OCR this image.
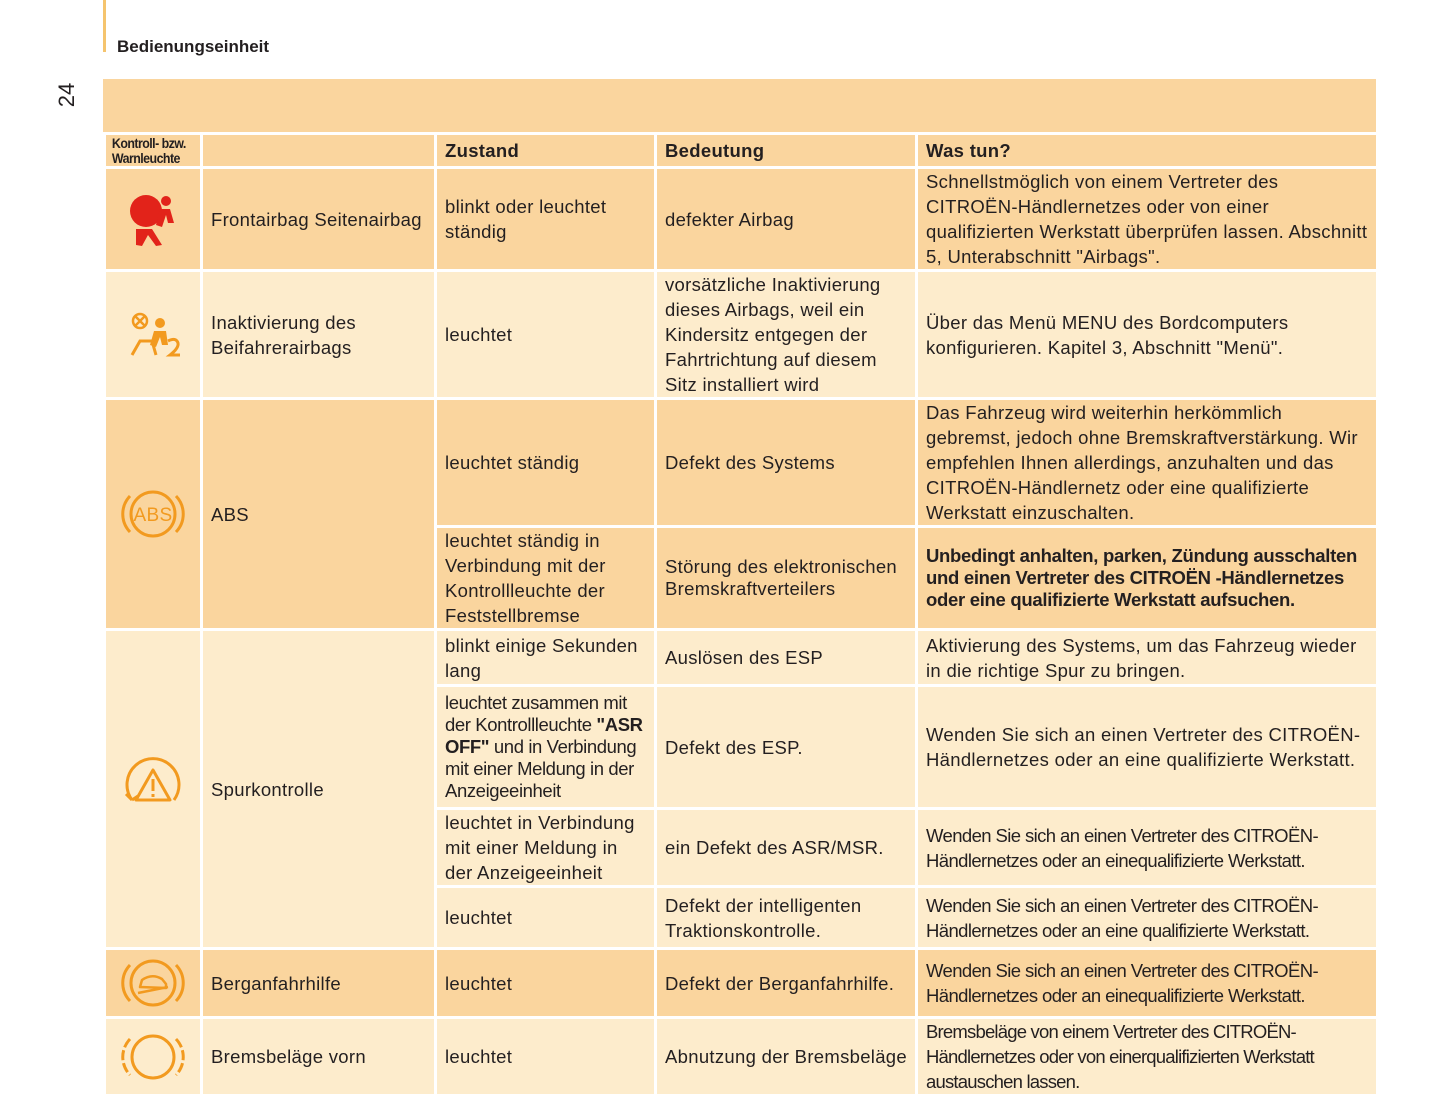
Bedienungseinheit
24
Kontroll- bzw. Warnleuchte		Zustand	Bedeutung	Was tun?

	Frontairbag Seitenairbag	blinkt oder leuchtet ständig	defekter Airbag	Schnellstmöglich von einem Vertreter des CITROËN-Händlernetzes oder von einer qualifizierten Werkstatt überprüfen lassen. Abschnitt 5, Unterabschnitt "Airbags".

	Inaktivierung des Beifahrerairbags	leuchtet	vorsätzliche Inaktivierung dieses Airbags, weil ein Kindersitz entgegen der Fahrtrichtung auf diesem Sitz installiert wird	Über das Menü MENU des Bordcomputers konfigurieren. Kapitel 3, Abschnitt "Menü".

ABS	ABS	leuchtet ständig	Defekt des Systems	Das Fahrzeug wird weiterhin herkömmlich gebremst, jedoch ohne Bremskraftverstärkung. Wir empfehlen Ihnen allerdings, anzuhalten und das CITROËN-Händlernetz oder eine qualifizierte Werkstatt einzuschalten.
		leuchtet ständig in Verbindung mit der Kontrollleuchte der Feststellbremse	Störung des elektronischen Bremskraftverteilers	Unbedingt anhalten, parken, Zündung ausschalten und einen Vertreter des CITROËN -Händlernetzes oder eine qualifizierte Werkstatt aufsuchen.

	Spurkontrolle	blinkt einige Sekunden lang	Auslösen des ESP	Aktivierung des Systems, um das Fahrzeug wieder in die richtige Spur zu bringen.
		leuchtet zusammen mit der Kontrollleuchte "ASR OFF" und in Verbindung mit einer Meldung in der Anzeigeeinheit	Defekt des ESP.	Wenden Sie sich an einen Vertreter des CITROËN-Händlernetzes oder an eine qualifizierte Werkstatt.
		leuchtet in Verbindung mit einer Meldung in der Anzeigeeinheit	ein Defekt des ASR/MSR.	Wenden Sie sich an einen Vertreter des CITROËN-Händlernetzes oder an einequalifizierte Werkstatt.
		leuchtet	Defekt der intelligenten Traktionskontrolle.	Wenden Sie sich an einen Vertreter des CITROËN-Händlernetzes oder an eine qualifizierte Werkstatt.

	Berganfahrhilfe	leuchtet	Defekt der Berganfahrhilfe.	Wenden Sie sich an einen Vertreter des CITROËN-Händlernetzes oder an einequalifizierte Werkstatt.

	Bremsbeläge vorn	leuchtet	Abnutzung der Bremsbeläge	Bremsbeläge von einem Vertreter des CITROËN-Händlernetzes oder von einerqualifizierten Werkstatt austauschen lassen.
